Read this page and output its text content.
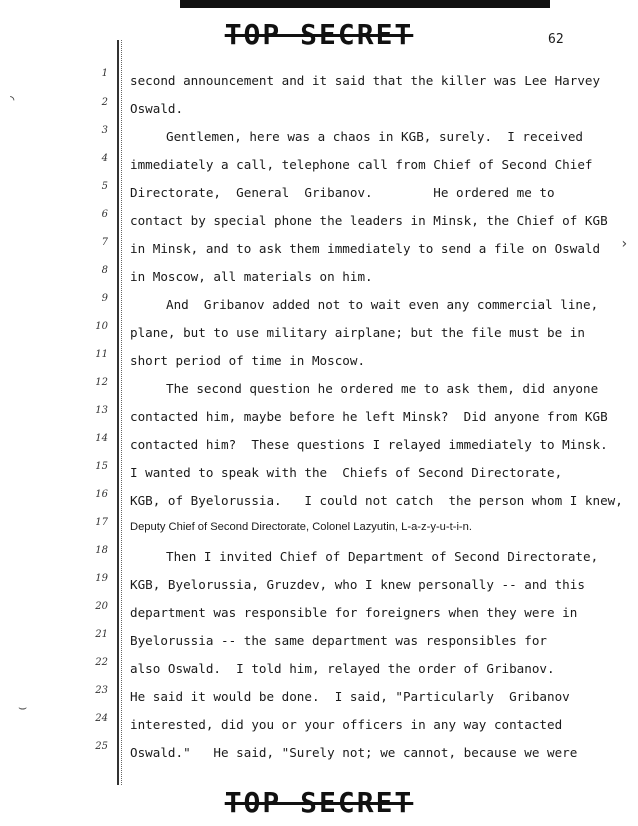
TOP SECRET	62
◝
›
⌣
1 second announcement and it said that the killer was Lee Harvey
2 Oswald.
3	Gentlemen, here was a chaos in KGB, surely.  I received
4 immediately a call, telephone call from Chief of Second Chief
5 Directorate,  General  Gribanov.        He ordered me to
6 contact by special phone the leaders in Minsk, the Chief of KGB
7 in Minsk, and to ask them immediately to send a file on Oswald
8 in Moscow, all materials on him.
9	And  Gribanov added not to wait even any commercial line,
10 plane, but to use military airplane; but the file must be in
11 short period of time in Moscow.
12	The second question he ordered me to ask them, did anyone
13 contacted him, maybe before he left Minsk?  Did anyone from KGB
14 contacted him?  These questions I relayed immediately to Minsk.
15 I wanted to speak with the  Chiefs of Second Directorate,
16 KGB, of Byelorussia.   I could not catch  the person whom I knew,
17 Deputy Chief of Second Directorate, Colonel Lazyutin, L-a-z-y-u-t-i-n.
18	Then I invited Chief of Department of Second Directorate,
19 KGB, Byelorussia, Gruzdev, who I knew personally -- and this
20 department was responsible for foreigners when they were in
21 Byelorussia -- the same department was responsibles for
22 also Oswald.  I told him, relayed the order of Gribanov.
23 He said it would be done.  I said, "Particularly  Gribanov
24 interested, did you or your officers in any way contacted
25 Oswald."   He said, "Surely not; we cannot, because we were
TOP SECRET
